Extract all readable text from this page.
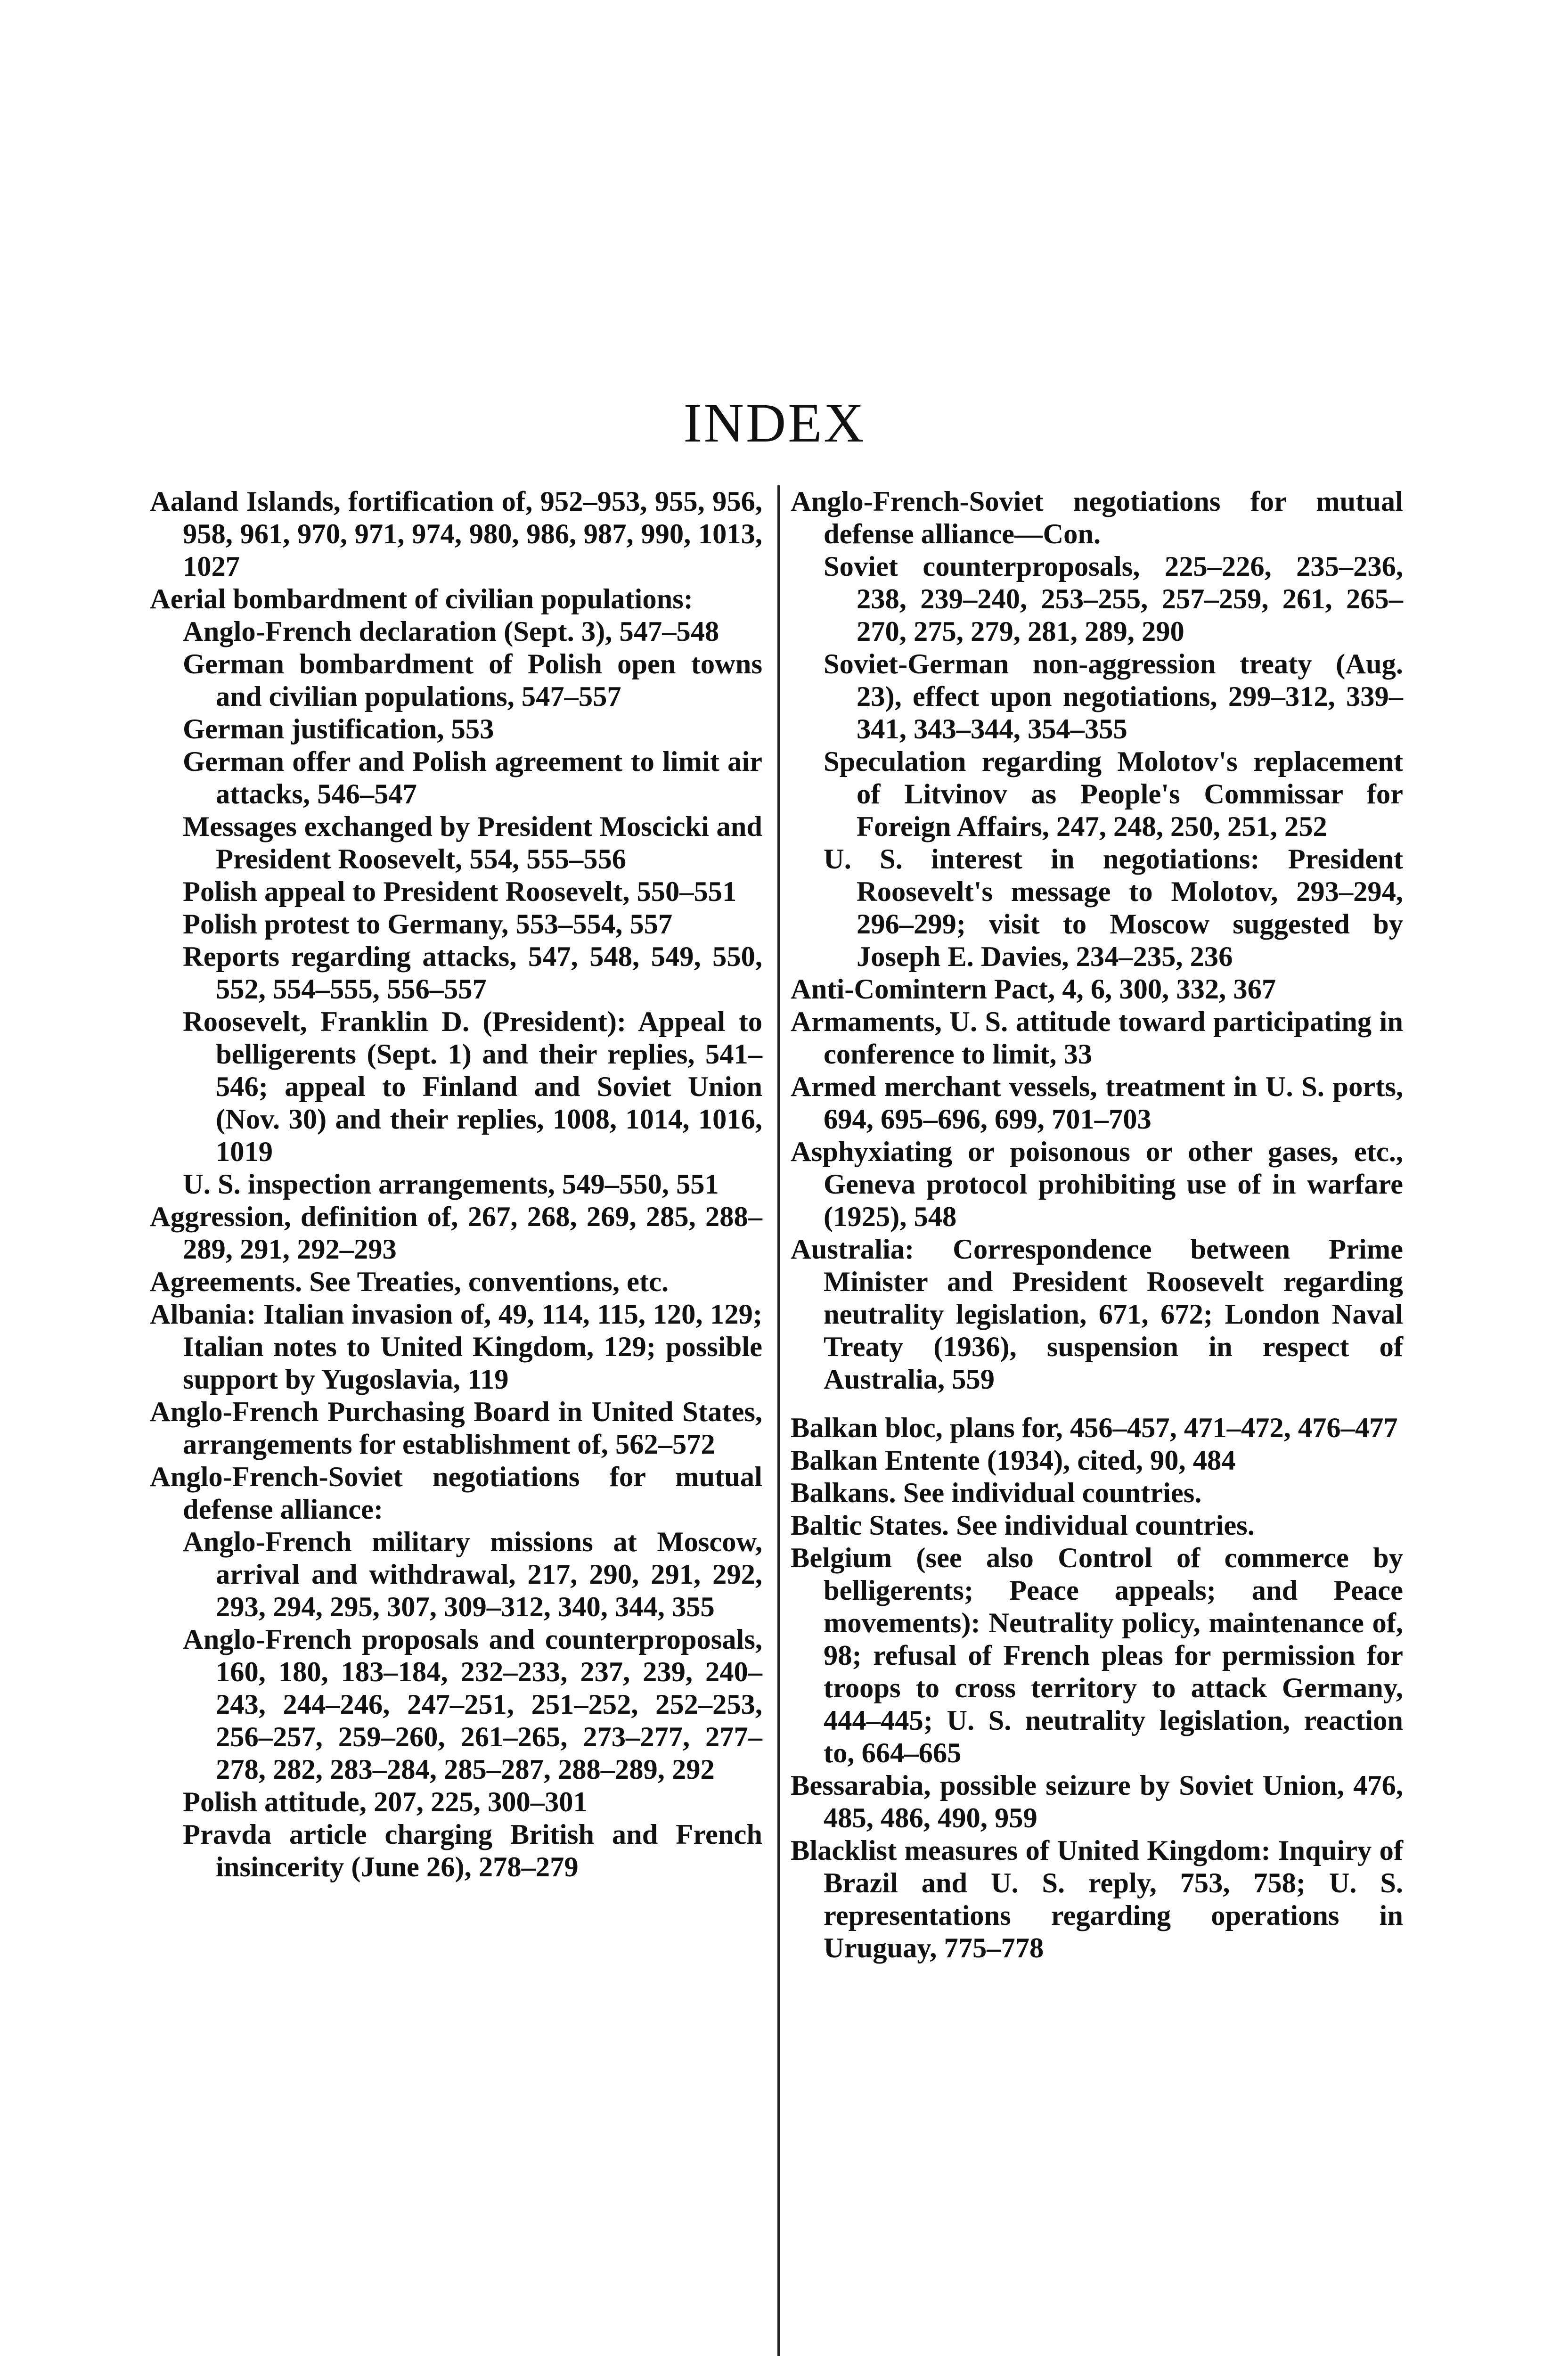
INDEX

Aaland Islands, fortification of, 952–953, 955, 956, 958, 961, 970, 971, 974, 980, 986, 987, 990, 1013, 1027

Aerial bombardment of civilian populations:

Anglo-French declaration (Sept. 3), 547–548

German bombardment of Polish open towns and civilian populations, 547–557

German justification, 553

German offer and Polish agreement to limit air attacks, 546–547

Messages exchanged by President Moscicki and President Roosevelt, 554, 555–556

Polish appeal to President Roosevelt, 550–551

Polish protest to Germany, 553–554, 557

Reports regarding attacks, 547, 548, 549, 550, 552, 554–555, 556–557

Roosevelt, Franklin D. (President): Appeal to belligerents (Sept. 1) and their replies, 541–546; appeal to Finland and Soviet Union (Nov. 30) and their replies, 1008, 1014, 1016, 1019

U. S. inspection arrangements, 549–550, 551

Aggression, definition of, 267, 268, 269, 285, 288–289, 291, 292–293

Agreements. See Treaties, conventions, etc.

Albania: Italian invasion of, 49, 114, 115, 120, 129; Italian notes to United Kingdom, 129; possible support by Yugoslavia, 119

Anglo-French Purchasing Board in United States, arrangements for establishment of, 562–572

Anglo-French-Soviet negotiations for mutual defense alliance:

Anglo-French military missions at Moscow, arrival and withdrawal, 217, 290, 291, 292, 293, 294, 295, 307, 309–312, 340, 344, 355

Anglo-French proposals and counterproposals, 160, 180, 183–184, 232–233, 237, 239, 240–243, 244–246, 247–251, 251–252, 252–253, 256–257, 259–260, 261–265, 273–277, 277–278, 282, 283–284, 285–287, 288–289, 292

Polish attitude, 207, 225, 300–301

Pravda article charging British and French insincerity (June 26), 278–279

Anglo-French-Soviet negotiations for mutual defense alliance—Con.

Soviet counterproposals, 225–226, 235–236, 238, 239–240, 253–255, 257–259, 261, 265–270, 275, 279, 281, 289, 290

Soviet-German non-aggression treaty (Aug. 23), effect upon negotiations, 299–312, 339–341, 343–344, 354–355

Speculation regarding Molotov's replacement of Litvinov as People's Commissar for Foreign Affairs, 247, 248, 250, 251, 252

U. S. interest in negotiations: President Roosevelt's message to Molotov, 293–294, 296–299; visit to Moscow suggested by Joseph E. Davies, 234–235, 236

Anti-Comintern Pact, 4, 6, 300, 332, 367

Armaments, U. S. attitude toward participating in conference to limit, 33

Armed merchant vessels, treatment in U. S. ports, 694, 695–696, 699, 701–703

Asphyxiating or poisonous or other gases, etc., Geneva protocol prohibiting use of in warfare (1925), 548

Australia: Correspondence between Prime Minister and President Roosevelt regarding neutrality legislation, 671, 672; London Naval Treaty (1936), suspension in respect of Australia, 559

Balkan bloc, plans for, 456–457, 471–472, 476–477

Balkan Entente (1934), cited, 90, 484

Balkans. See individual countries.

Baltic States. See individual countries.

Belgium (see also Control of commerce by belligerents; Peace appeals; and Peace movements): Neutrality policy, maintenance of, 98; refusal of French pleas for permission for troops to cross territory to attack Germany, 444–445; U. S. neutrality legislation, reaction to, 664–665

Bessarabia, possible seizure by Soviet Union, 476, 485, 486, 490, 959

Blacklist measures of United Kingdom: Inquiry of Brazil and U. S. reply, 753, 758; U. S. representations regarding operations in Uruguay, 775–778
